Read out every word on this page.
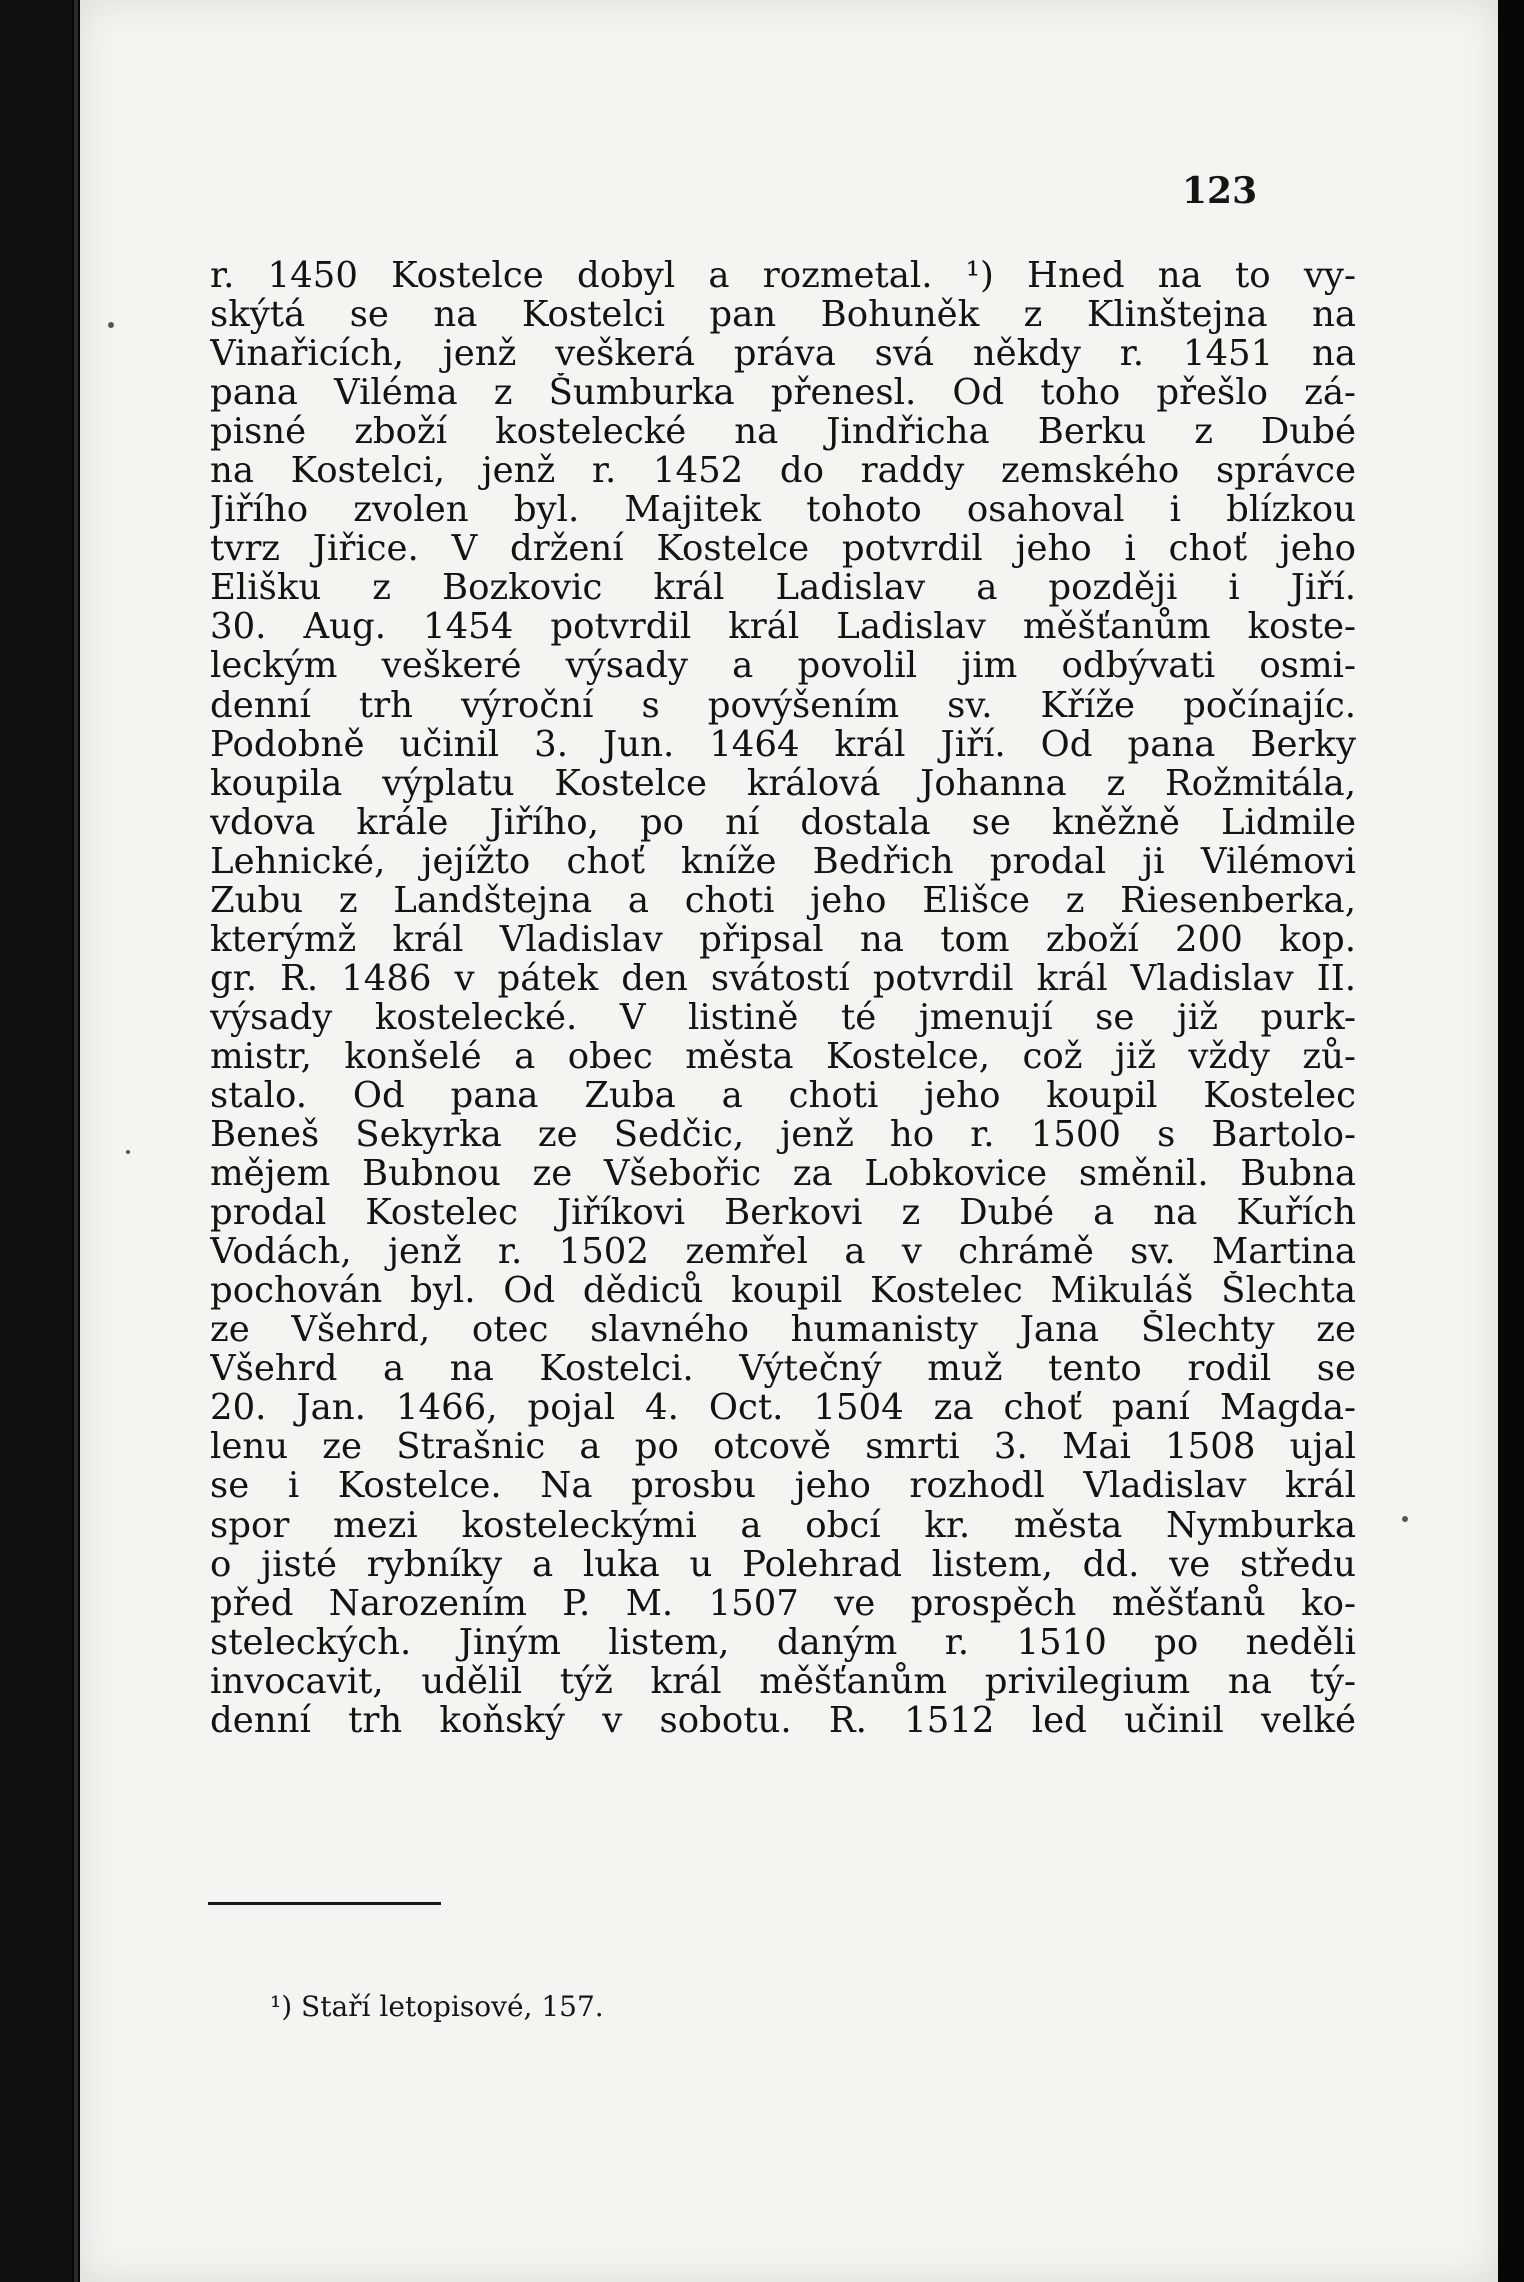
123
r. 1450 Kostelce dobyl a rozmetal. ¹) Hned na to vy-
skýtá se na Kostelci pan Bohuněk z Klinštejna na
Vinařicích, jenž veškerá práva svá někdy r. 1451 na
pana Viléma z Šumburka přenesl. Od toho přešlo zá-
pisné zboží kostelecké na Jindřicha Berku z Dubé
na Kostelci, jenž r. 1452 do raddy zemského správce
Jiřího zvolen byl. Majitek tohoto osahoval i blízkou
tvrz Jiřice. V držení Kostelce potvrdil jeho i choť jeho
Elišku z Bozkovic král Ladislav a později i Jiří.
30. Aug. 1454 potvrdil král Ladislav měšťanům koste-
leckým veškeré výsady a povolil jim odbývati osmi-
denní trh výroční s povýšením sv. Kříže počínajíc.
Podobně učinil 3. Jun. 1464 král Jiří. Od pana Berky
koupila výplatu Kostelce králová Johanna z Rožmitála,
vdova krále Jiřího, po ní dostala se kněžně Lidmile
Lehnické, jejížto choť kníže Bedřich prodal ji Vilémovi
Zubu z Landštejna a choti jeho Elišce z Riesenberka,
kterýmž král Vladislav připsal na tom zboží 200 kop.
gr. R. 1486 v pátek den svátostí potvrdil král Vladislav II.
výsady kostelecké. V listině té jmenují se již purk-
mistr, konšelé a obec města Kostelce, což již vždy zů-
stalo. Od pana Zuba a choti jeho koupil Kostelec
Beneš Sekyrka ze Sedčic, jenž ho r. 1500 s Bartolo-
mějem Bubnou ze Všebořic za Lobkovice směnil. Bubna
prodal Kostelec Jiříkovi Berkovi z Dubé a na Kuřích
Vodách, jenž r. 1502 zemřel a v chrámě sv. Martina
pochován byl. Od dědiců koupil Kostelec Mikuláš Šlechta
ze Všehrd, otec slavného humanisty Jana Šlechty ze
Všehrd a na Kostelci. Výtečný muž tento rodil se
20. Jan. 1466, pojal 4. Oct. 1504 za choť paní Magda-
lenu ze Strašnic a po otcově smrti 3. Mai 1508 ujal
se i Kostelce. Na prosbu jeho rozhodl Vladislav král
spor mezi kosteleckými a obcí kr. města Nymburka
o jisté rybníky a luka u Polehrad listem, dd. ve středu
před Narozením P. M. 1507 ve prospěch měšťanů ko-
steleckých. Jiným listem, daným r. 1510 po neděli
invocavit, udělil týž král měšťanům privilegium na tý-
denní trh koňský v sobotu. R. 1512 led učinil velké
¹) Staří letopisové, 157.
